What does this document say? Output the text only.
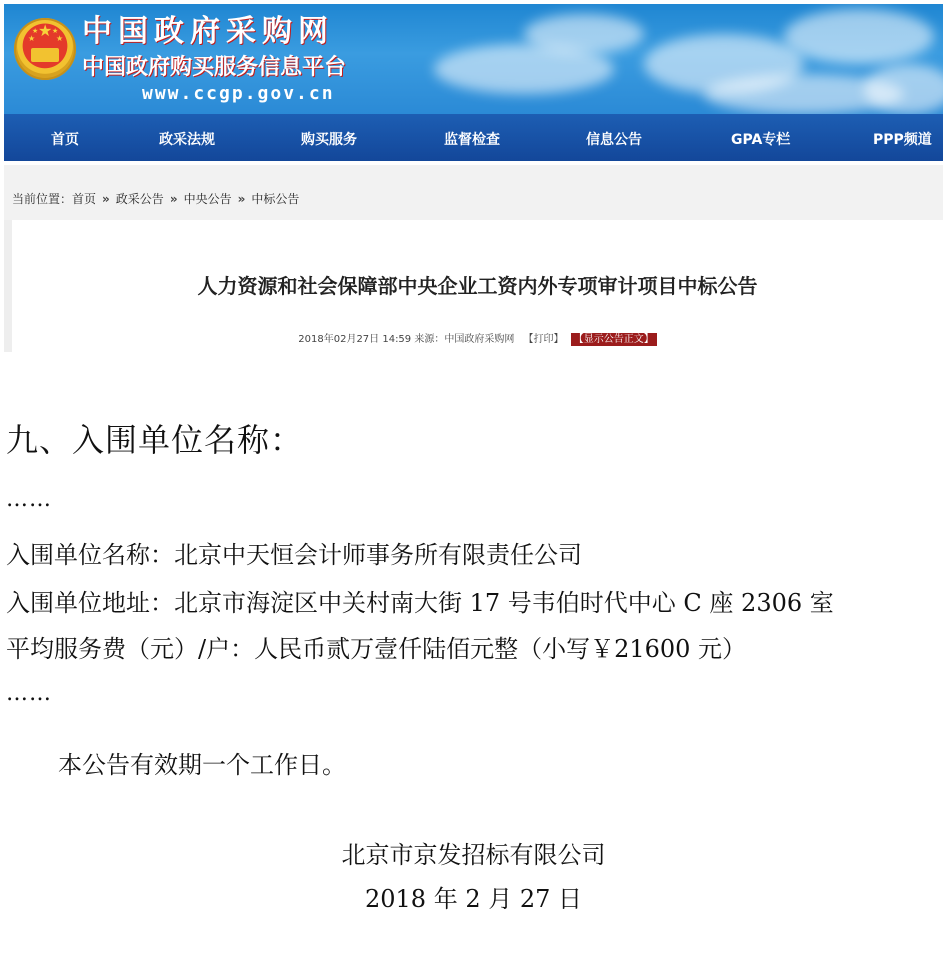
★
★
★ ★
★ 中国政府采购网
中国政府购买服务信息平台
www.ccgp.gov.cn
首页	政采法规	购买服务	监督检查	信息公告	GPA专栏	PPP频道
当前位置：首页 » 政采公告 » 中央公告 » 中标公告
人力资源和社会保障部中央企业工资内外专项审计项目中标公告
2018年02月27日 14:59 来源：中国政府采购网 【打印】 【显示公告正文】
九、入围单位名称：
……
入围单位名称：北京中天恒会计师事务所有限责任公司
入围单位地址：北京市海淀区中关村南大街 17 号韦伯时代中心 C 座 2306 室
平均服务费（元）/户：人民币贰万壹仟陆佰元整（小写￥21600 元）
……
本公告有效期一个工作日。
北京市京发招标有限公司
2018 年 2 月 27 日
